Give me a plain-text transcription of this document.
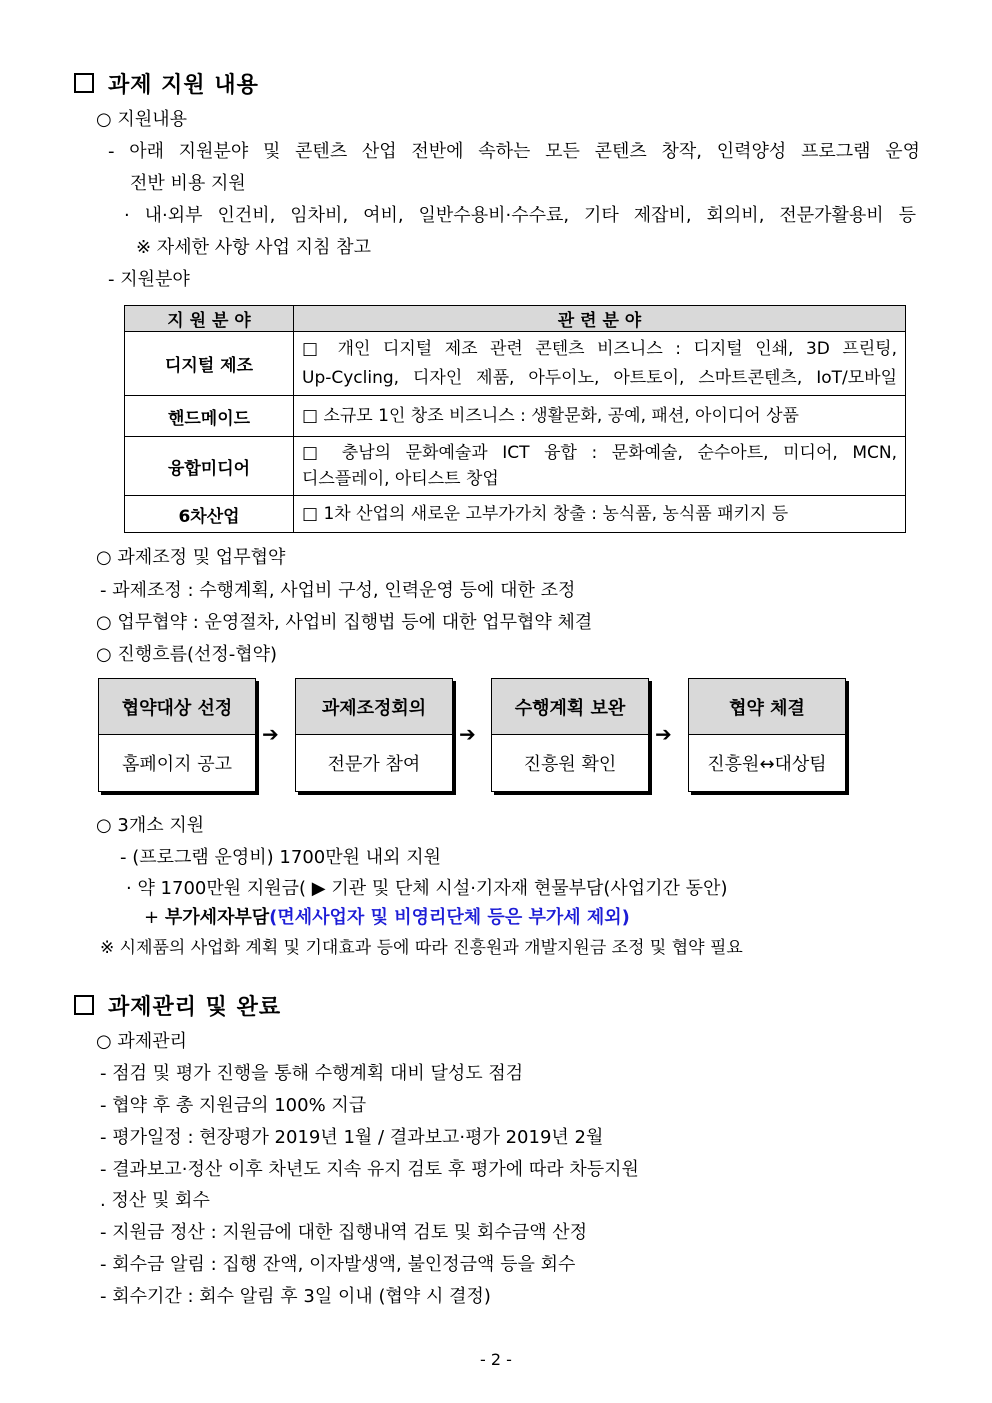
과제 지원 내용
○ 지원내용
- 아래 지원분야 및 콘텐츠 산업 전반에 속하는 모든 콘텐츠 창작, 인력양성 프로그램 운영
전반 비용 지원
· 내·외부 인건비, 임차비, 여비, 일반수용비·수수료, 기타 제잡비, 회의비, 전문가활용비 등
※ 자세한 사항 사업 지침 참고
- 지원분야
지 원 분 야	관 련 분 야
디지털 제조	□ 개인 디지털 제조 관련 콘텐츠 비즈니스 : 디지털 인쇄, 3D 프린팅,
Up-Cycling, 디자인 제품, 아두이노, 아트토이, 스마트콘텐츠, IoT/모바일

핸드메이드	□ 소규모 1인 창조 비즈니스 : 생활문화, 공예, 패션, 아이디어 상품

융합미디어	□ 충남의 문화예술과 ICT 융합 : 문화예술, 순수아트, 미디어, MCN,
디스플레이, 아티스트 창업

6차산업	□ 1차 산업의 새로운 고부가가치 창출 : 농식품, 농식품 패키지 등
○ 과제조정 및 업무협약
- 과제조정 : 수행계획, 사업비 구성, 인력운영 등에 대한 조정
○ 업무협약 : 운영절차, 사업비 집행법 등에 대한 업무협약 체결
○ 진행흐름(선정-협약)
협약대상 선정
홈페이지 공고
➔
과제조정회의
전문가 참여
➔
수행계획 보완
진흥원 확인
➔
협약 체결
진흥원↔대상팀
○ 3개소 지원
- (프로그램 운영비) 1700만원 내외 지원
· 약 1700만원 지원금( ▶ 기관 및 단체 시설·기자재 현물부담(사업기간 동안)
+ 부가세자부담(면세사업자 및 비영리단체 등은 부가세 제외)
※ 시제품의 사업화 계획 및 기대효과 등에 따라 진흥원과 개발지원금 조정 및 협약 필요
과제관리 및 완료
○ 과제관리
- 점검 및 평가 진행을 통해 수행계획 대비 달성도 점검
- 협약 후 총 지원금의 100% 지급
- 평가일정 : 현장평가 2019년 1월 / 결과보고·평가 2019년 2월
- 결과보고·정산 이후 차년도 지속 유지 검토 후 평가에 따라 차등지원
. 정산 및 회수
- 지원금 정산 : 지원금에 대한 집행내역 검토 및 회수금액 산정
- 회수금 알림 : 집행 잔액, 이자발생액, 불인정금액 등을 회수
- 회수기간 : 회수 알림 후 3일 이내 (협약 시 결정)
- 2 -
